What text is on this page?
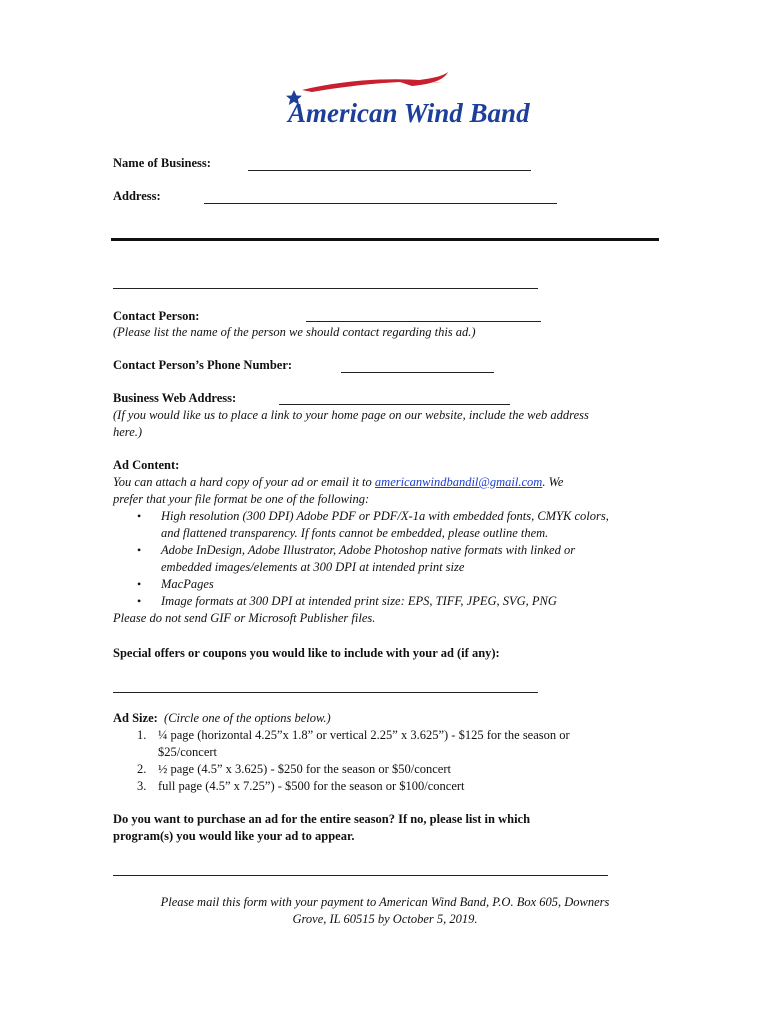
American Wind Band
Name of Business:
Address:
Contact Person:
(Please list the name of the person we should contact regarding this ad.)
Contact Person’s Phone Number:
Business Web Address:
(If you would like us to place a link to your home page on our website, include the web address
here.)
Ad Content:
You can attach a hard copy of your ad or email it to americanwindbandil@gmail.com. We
prefer that your file format be one of the following:
• High resolution (300 DPI) Adobe PDF or PDF/X-1a with embedded fonts, CMYK colors,
and flattened transparency. If fonts cannot be embedded, please outline them.
• Adobe InDesign, Adobe Illustrator, Adobe Photoshop native formats with linked or
embedded images/elements at 300 DPI at intended print size
• MacPages
• Image formats at 300 DPI at intended print size: EPS, TIFF, JPEG, SVG, PNG
Please do not send GIF or Microsoft Publisher files.
Special offers or coupons you would like to include with your ad (if any):
Ad Size: (Circle one of the options below.)
1. ¼ page (horizontal 4.25”x 1.8” or vertical 2.25” x 3.625”) - $125 for the season or
$25/concert
2. ½ page (4.5” x 3.625) - $250 for the season or $50/concert
3. full page (4.5” x 7.25”) - $500 for the season or $100/concert
Do you want to purchase an ad for the entire season? If no, please list in which
program(s) you would like your ad to appear.
Please mail this form with your payment to American Wind Band, P.O. Box 605, Downers
Grove, IL 60515 by October 5, 2019.
